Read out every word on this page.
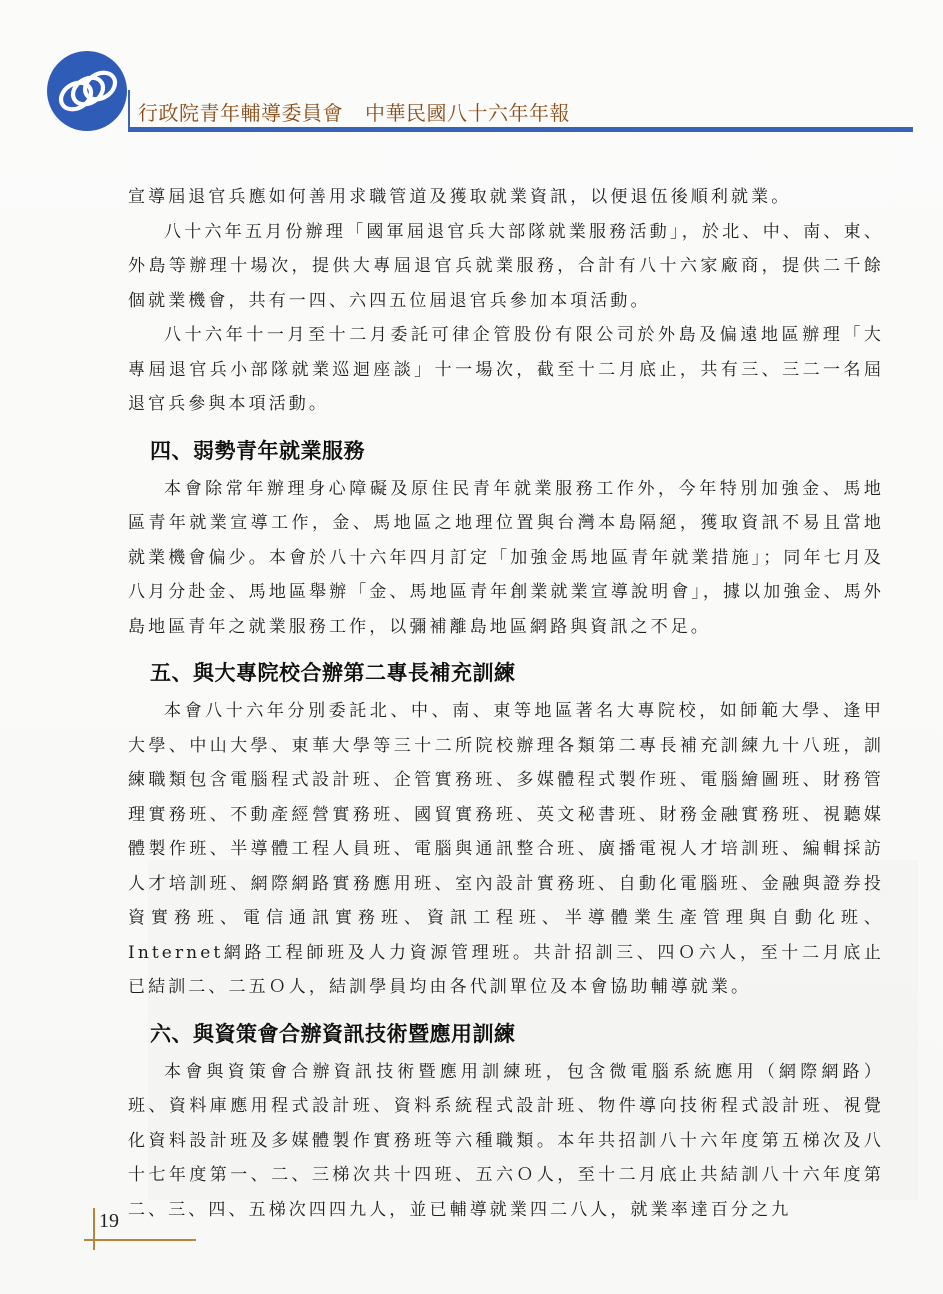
行政院青年輔導委員會 中華民國八十六年年報

宣導屆退官兵應如何善用求職管道及獲取就業資訊，以便退伍後順利就業。

八十六年五月份辦理「國軍屆退官兵大部隊就業服務活動」，於北、中、南、東、外島等辦理十場次，提供大專屆退官兵就業服務，合計有八十六家廠商，提供二千餘個就業機會，共有一四、六四五位屆退官兵參加本項活動。

八十六年十一月至十二月委託可律企管股份有限公司於外島及偏遠地區辦理「大專屆退官兵小部隊就業巡迴座談」十一場次，截至十二月底止，共有三、三二一名屆退官兵參與本項活動。

四、弱勢青年就業服務

本會除常年辦理身心障礙及原住民青年就業服務工作外，今年特別加強金、馬地區青年就業宣導工作，金、馬地區之地理位置與台灣本島隔絕，獲取資訊不易且當地就業機會偏少。本會於八十六年四月訂定「加強金馬地區青年就業措施」；同年七月及八月分赴金、馬地區舉辦「金、馬地區青年創業就業宣導說明會」，據以加強金、馬外島地區青年之就業服務工作，以彌補離島地區網路與資訊之不足。

五、與大專院校合辦第二專長補充訓練

本會八十六年分別委託北、中、南、東等地區著名大專院校，如師範大學、逢甲大學、中山大學、東華大學等三十二所院校辦理各類第二專長補充訓練九十八班，訓練職類包含電腦程式設計班、企管實務班、多媒體程式製作班、電腦繪圖班、財務管理實務班、不動產經營實務班、國貿實務班、英文秘書班、財務金融實務班、視聽媒體製作班、半導體工程人員班、電腦與通訊整合班、廣播電視人才培訓班、編輯採訪人才培訓班、網際網路實務應用班、室內設計實務班、自動化電腦班、金融與證券投資實務班、電信通訊實務班、資訊工程班、半導體業生產管理與自動化班、Internet網路工程師班及人力資源管理班。共計招訓三、四Ｏ六人，至十二月底止已結訓二、二五Ｏ人，結訓學員均由各代訓單位及本會協助輔導就業。

六、與資策會合辦資訊技術暨應用訓練

本會與資策會合辦資訊技術暨應用訓練班，包含微電腦系統應用（網際網路）班、資料庫應用程式設計班、資料系統程式設計班、物件導向技術程式設計班、視覺化資料設計班及多媒體製作實務班等六種職類。本年共招訓八十六年度第五梯次及八十七年度第一、二、三梯次共十四班、五六Ｏ人，至十二月底止共結訓八十六年度第二、三、四、五梯次四四九人，並已輔導就業四二八人，就業率達百分之九

19
